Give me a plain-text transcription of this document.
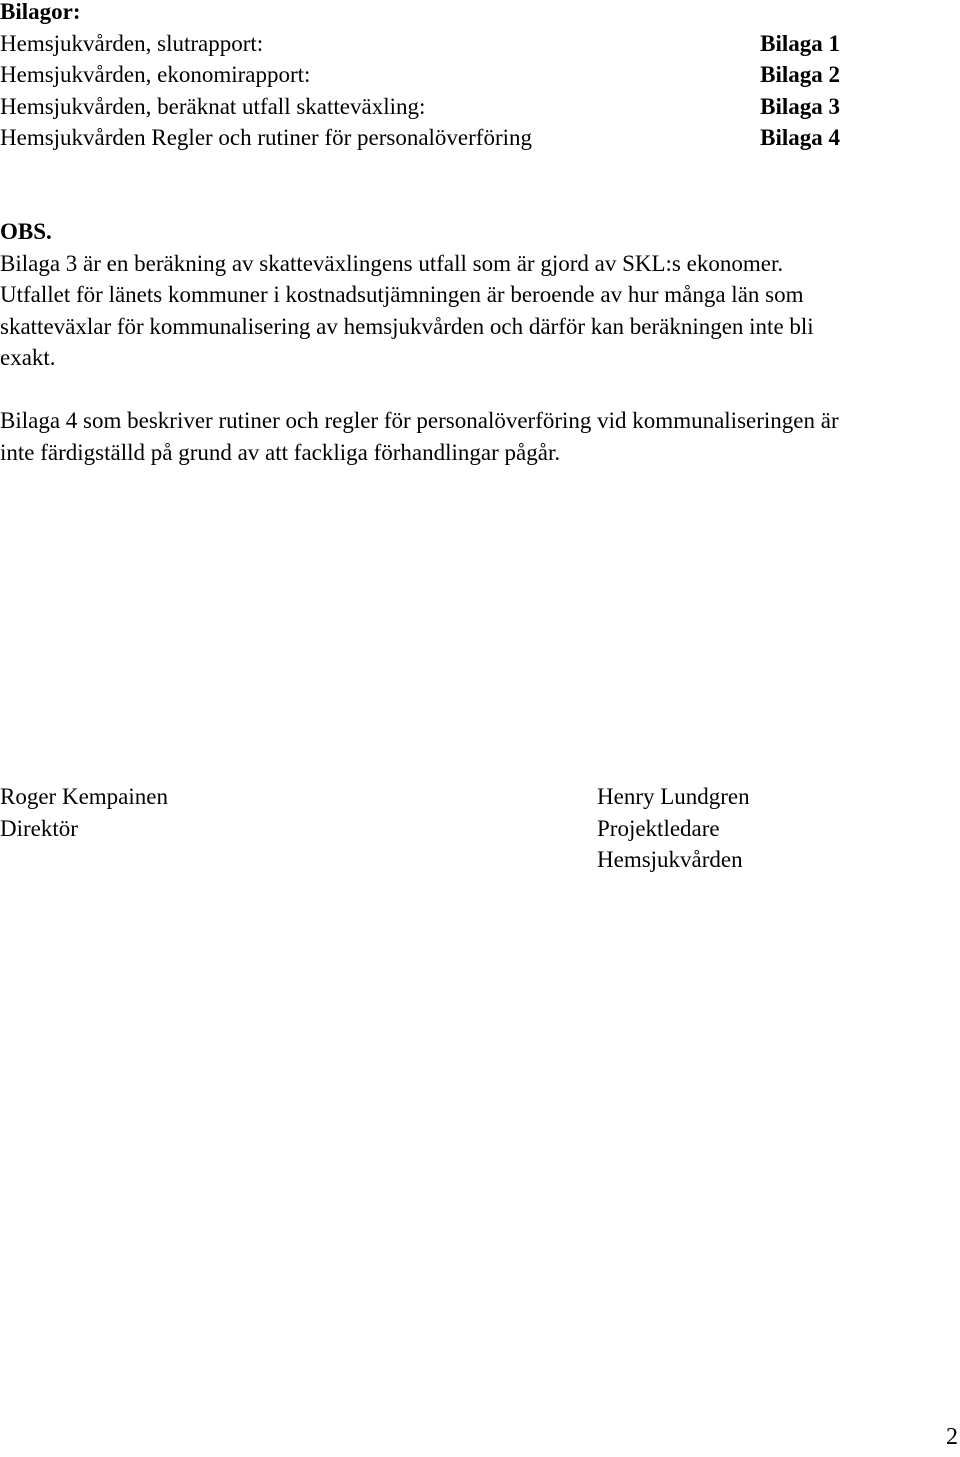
Bilagor:
Hemsjukvården, slutrapport:	Bilaga 1
Hemsjukvården, ekonomirapport:	Bilaga 2
Hemsjukvården, beräknat utfall skatteväxling:	Bilaga 3
Hemsjukvården Regler och rutiner för personalöverföring	Bilaga 4
OBS.

Bilaga 3 är en beräkning av skatteväxlingens utfall som är gjord av SKL:s ekonomer. Utfallet för länets kommuner i kostnadsutjämningen är beroende av hur många län som skatteväxlar för kommunalisering av hemsjukvården och därför kan beräkningen inte bli exakt.

Bilaga 4 som beskriver rutiner och regler för personalöverföring vid kommunaliseringen är inte färdigställd på grund av att fackliga förhandlingar pågår.

Roger Kempainen
Direktör
Henry Lundgren
Projektledare
Hemsjukvården
2
